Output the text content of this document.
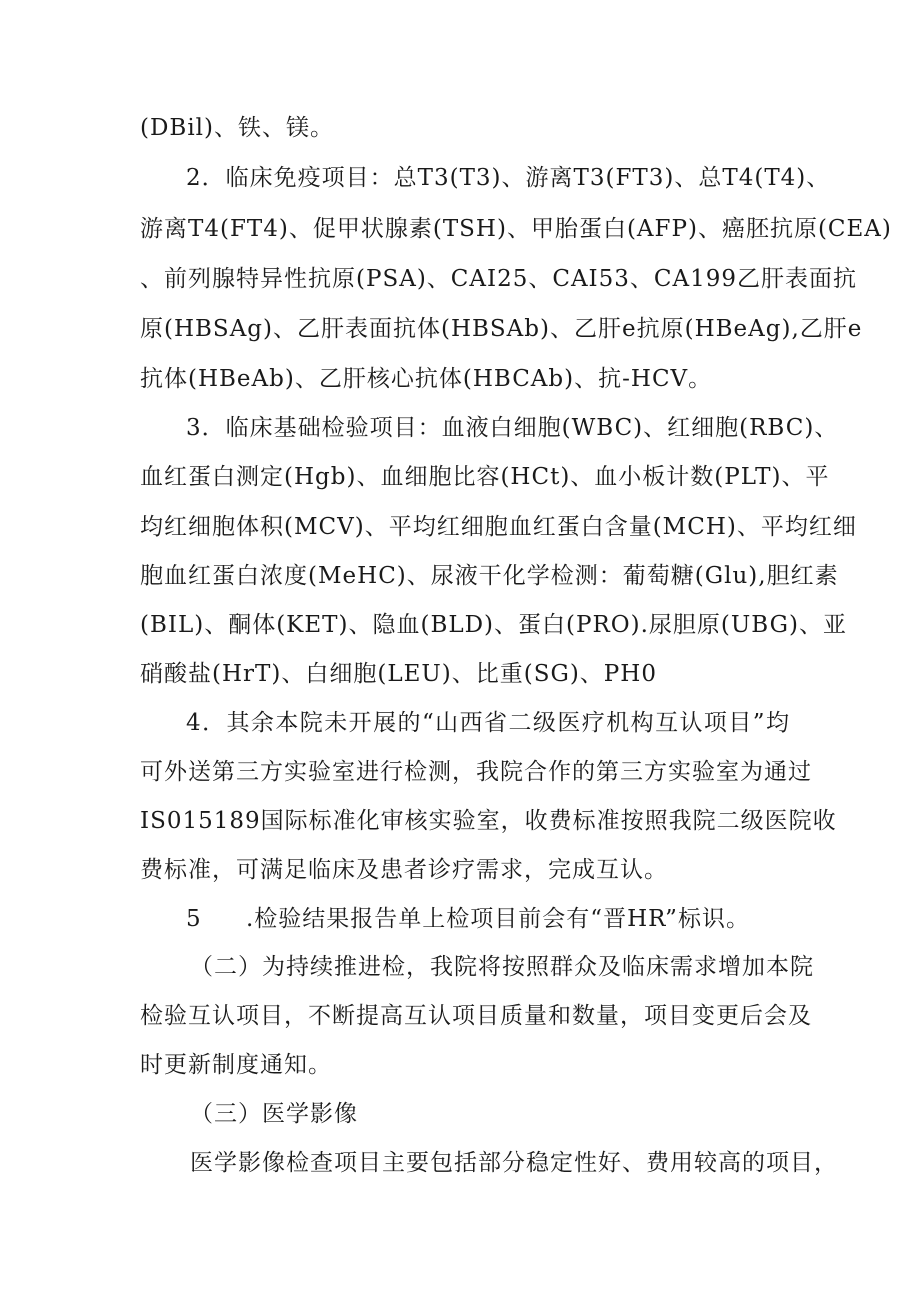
(DBil)、铁、镁。
2．临床免疫项目：总T3(T3)、游离T3(FT3)、总T4(T4)、
游离T4(FT4)、促甲状腺素(TSH)、甲胎蛋白(AFP)、癌胚抗原(CEA)
、前列腺特异性抗原(PSA)、CAI25、CAI53、CA199乙肝表面抗
原(HBSAg)、乙肝表面抗体(HBSAb)、乙肝e抗原(HBeAg),乙肝e
抗体(HBeAb)、乙肝核心抗体(HBCAb)、抗-HCV。
3．临床基础检验项目：血液白细胞(WBC)、红细胞(RBC)、
血红蛋白测定(Hgb)、血细胞比容(HCt)、血小板计数(PLT)、平
均红细胞体积(MCV)、平均红细胞血红蛋白含量(MCH)、平均红细
胞血红蛋白浓度(MeHC)、尿液干化学检测：葡萄糖(Glu),胆红素
(BIL)、酮体(KET)、隐血(BLD)、蛋白(PRO).尿胆原(UBG)、亚
硝酸盐(HrT)、白细胞(LEU)、比重(SG)、PH0
4．其余本院未开展的“山西省二级医疗机构互认项目”均
可外送第三方实验室进行检测，我院合作的第三方实验室为通过
IS015189国际标准化审核实验室，收费标准按照我院二级医院收
费标准，可满足临床及患者诊疗需求，完成互认。
5 .检验结果报告单上检项目前会有“晋HR”标识。
（二）为持续推进检，我院将按照群众及临床需求增加本院
检验互认项目，不断提高互认项目质量和数量，项目变更后会及
时更新制度通知。
（三）医学影像
医学影像检查项目主要包括部分稳定性好、费用较高的项目，
